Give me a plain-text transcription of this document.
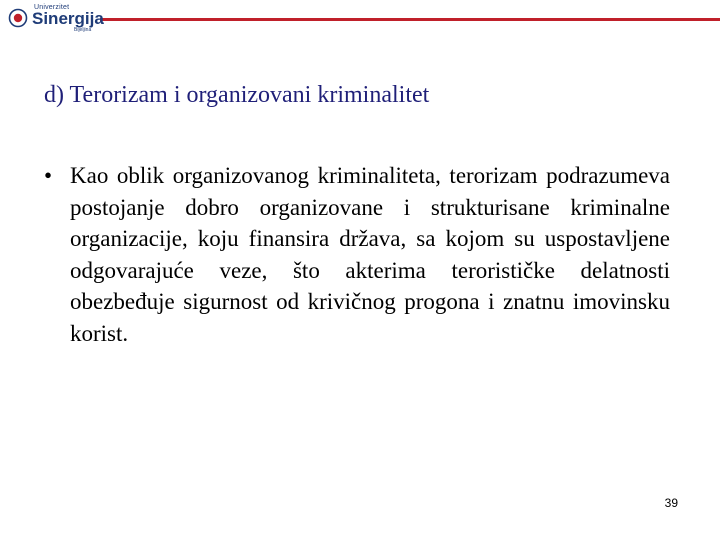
Univerzitet
Sinergija
Bijeljina
d) Terorizam i organizovani kriminalitet
• Kao oblik organizovanog kriminaliteta, terorizam podrazumeva postojanje dobro organizovane i strukturisane kriminalne organizacije, koju finansira država, sa kojom su uspostavljene odgovarajuće veze, što akterima terorističke delatnosti obezbeđuje sigurnost od krivičnog progona i znatnu imovinsku korist.

39
